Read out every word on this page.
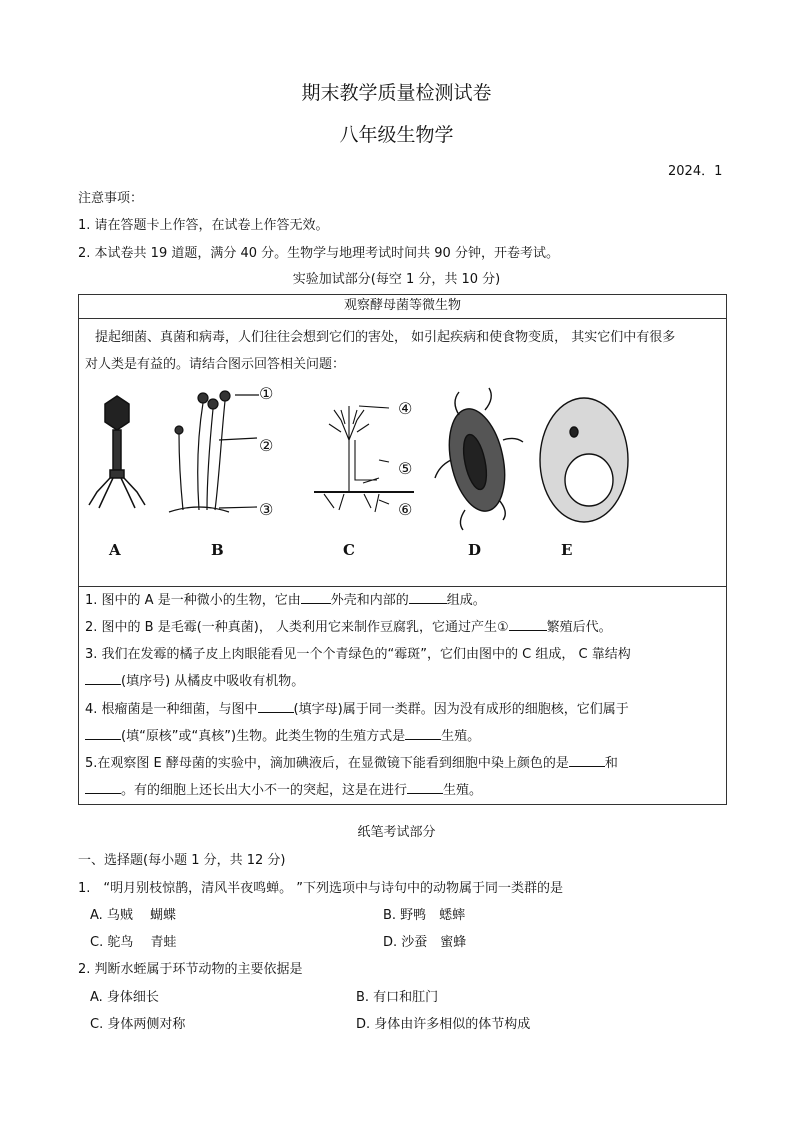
期末教学质量检测试卷
八年级生物学
2024．1
注意事项：
1. 请在答题卡上作答，在试卷上作答无效。
2. 本试卷共 19 道题，满分 40 分。生物学与地理考试时间共 90 分钟，开卷考试。
实验加试部分(每空 1 分，共 10 分)
观察酵母菌等微生物
提起细菌、真菌和病毒，人们往往会想到它们的害处， 如引起疾病和使食物变质， 其实它们中有很多
对人类是有益的。请结合图示回答相关问题：
A	B	C	D	E
①
②
③
④
⑤
⑥
1. 图中的 A 是一种微小的生物，它由 外壳和内部的	组成。
2. 图中的 B 是毛霉(一种真菌)， 人类利用它来制作豆腐乳，它通过产生①	繁殖后代。
3. 我们在发霉的橘子皮上肉眼能看见一个个青绿色的“霉斑”，它们由图中的 C 组成， C 靠结构
(填序号) 从橘皮中吸收有机物。
4. 根瘤菌是一种细菌，与图中	(填字母)属于同一类群。因为没有成形的细胞核，它们属于
(填“原核”或“真核”)生物。此类生物的生殖方式是	生殖。
5.在观察图 E 酵母菌的实验中，滴加碘液后，在显微镜下能看到细胞中染上颜色的是	和
。有的细胞上还长出大小不一的突起，这是在进行	生殖。
纸笔考试部分
一、选择题(每小题 1 分，共 12 分)
1.　“明月别枝惊鹊，清风半夜鸣蝉。 ”下列选项中与诗句中的动物属于同一类群的是
A. 乌贼　 蝴蝶	B. 野鸭　蟋蟀
C. 鸵鸟　 青蛙	D. 沙蚕　蜜蜂
2. 判断水蛭属于环节动物的主要依据是
A. 身体细长	B. 有口和肛门
C. 身体两侧对称	D. 身体由许多相似的体节构成
